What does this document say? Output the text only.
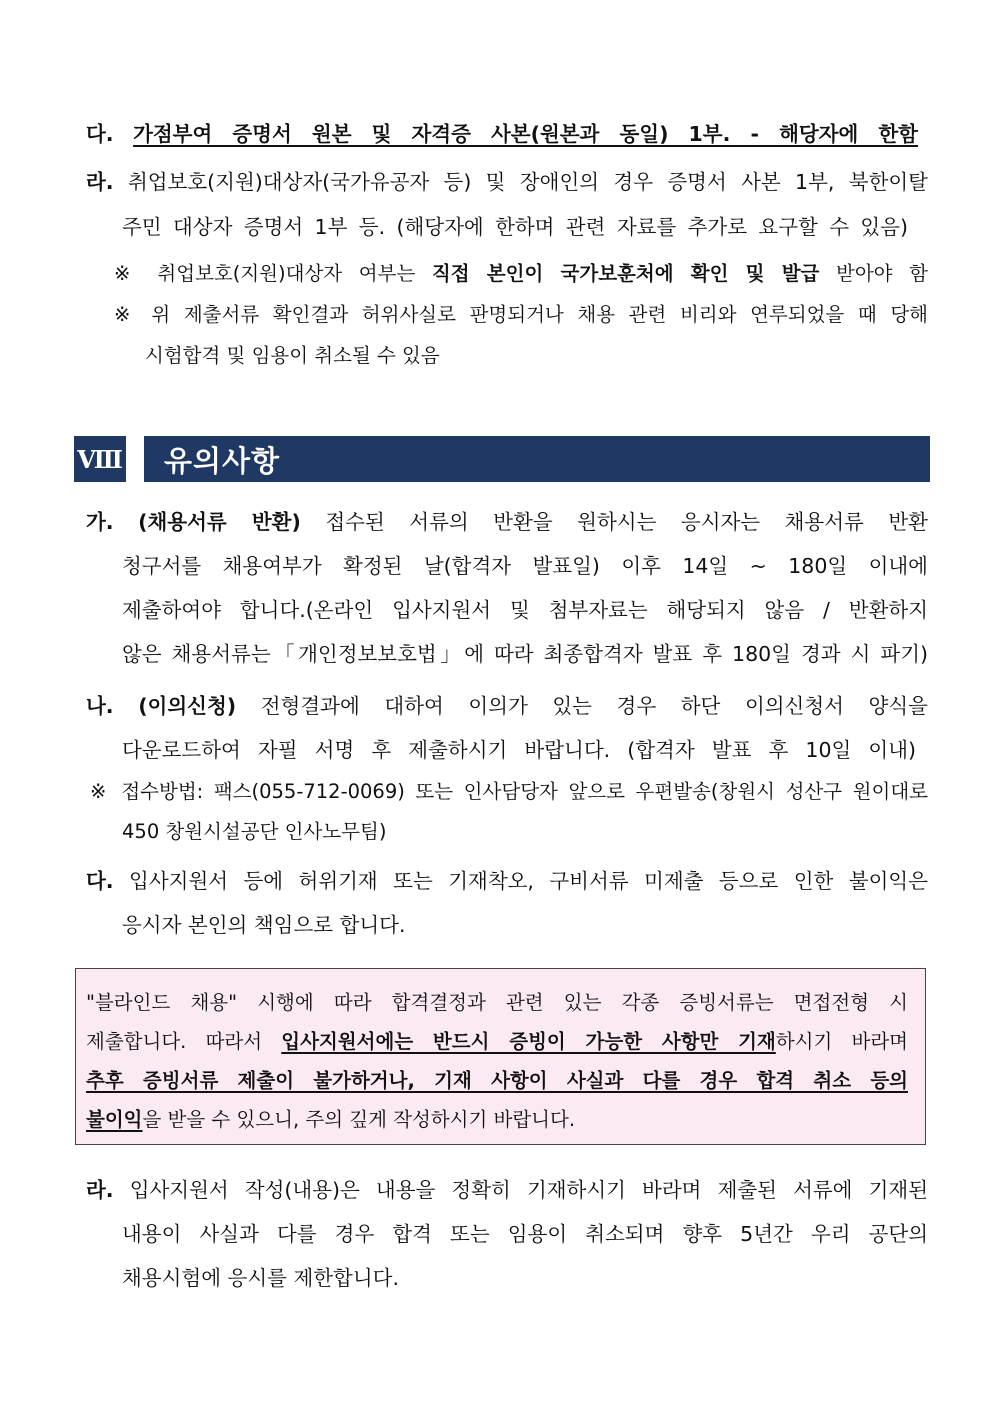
다. 가점부여 증명서 원본 및 자격증 사본(원본과 동일) 1부. - 해당자에 한함
라. 취업보호(지원)대상자(국가유공자 등) 및 장애인의 경우 증명서 사본 1부, 북한이탈
주민 대상자 증명서 1부 등. (해당자에 한하며 관련 자료를 추가로 요구할 수 있음)
※ 취업보호(지원)대상자 여부는 직접 본인이 국가보훈처에 확인 및 발급 받아야 함
※ 위 제출서류 확인결과 허위사실로 판명되거나 채용 관련 비리와 연루되었을 때 당해
시험합격 및 임용이 취소될 수 있음
Ⅷ 유의사항
가. (채용서류 반환) 접수된 서류의 반환을 원하시는 응시자는 채용서류 반환
청구서를 채용여부가 확정된 날(합격자 발표일) 이후 14일 ~ 180일 이내에
제출하여야 합니다.(온라인 입사지원서 및 첨부자료는 해당되지 않음 / 반환하지
않은 채용서류는「개인정보보호법」에 따라 최종합격자 발표 후 180일 경과 시 파기)
나. (이의신청) 전형결과에 대하여 이의가 있는 경우 하단 이의신청서 양식을
다운로드하여 자필 서명 후 제출하시기 바랍니다. (합격자 발표 후 10일 이내)
※ 접수방법: 팩스(055-712-0069) 또는 인사담당자 앞으로 우편발송(창원시 성산구 원이대로
450 창원시설공단 인사노무팀)
다. 입사지원서 등에 허위기재 또는 기재착오, 구비서류 미제출 등으로 인한 불이익은
응시자 본인의 책임으로 합니다.
"블라인드 채용" 시행에 따라 합격결정과 관련 있는 각종 증빙서류는 면접전형 시
제출합니다. 따라서 입사지원서에는 반드시 증빙이 가능한 사항만 기재하시기 바라며
추후 증빙서류 제출이 불가하거나, 기재 사항이 사실과 다를 경우 합격 취소 등의
불이익을 받을 수 있으니, 주의 깊게 작성하시기 바랍니다.
라. 입사지원서 작성(내용)은 내용을 정확히 기재하시기 바라며 제출된 서류에 기재된
내용이 사실과 다를 경우 합격 또는 임용이 취소되며 향후 5년간 우리 공단의
채용시험에 응시를 제한합니다.
